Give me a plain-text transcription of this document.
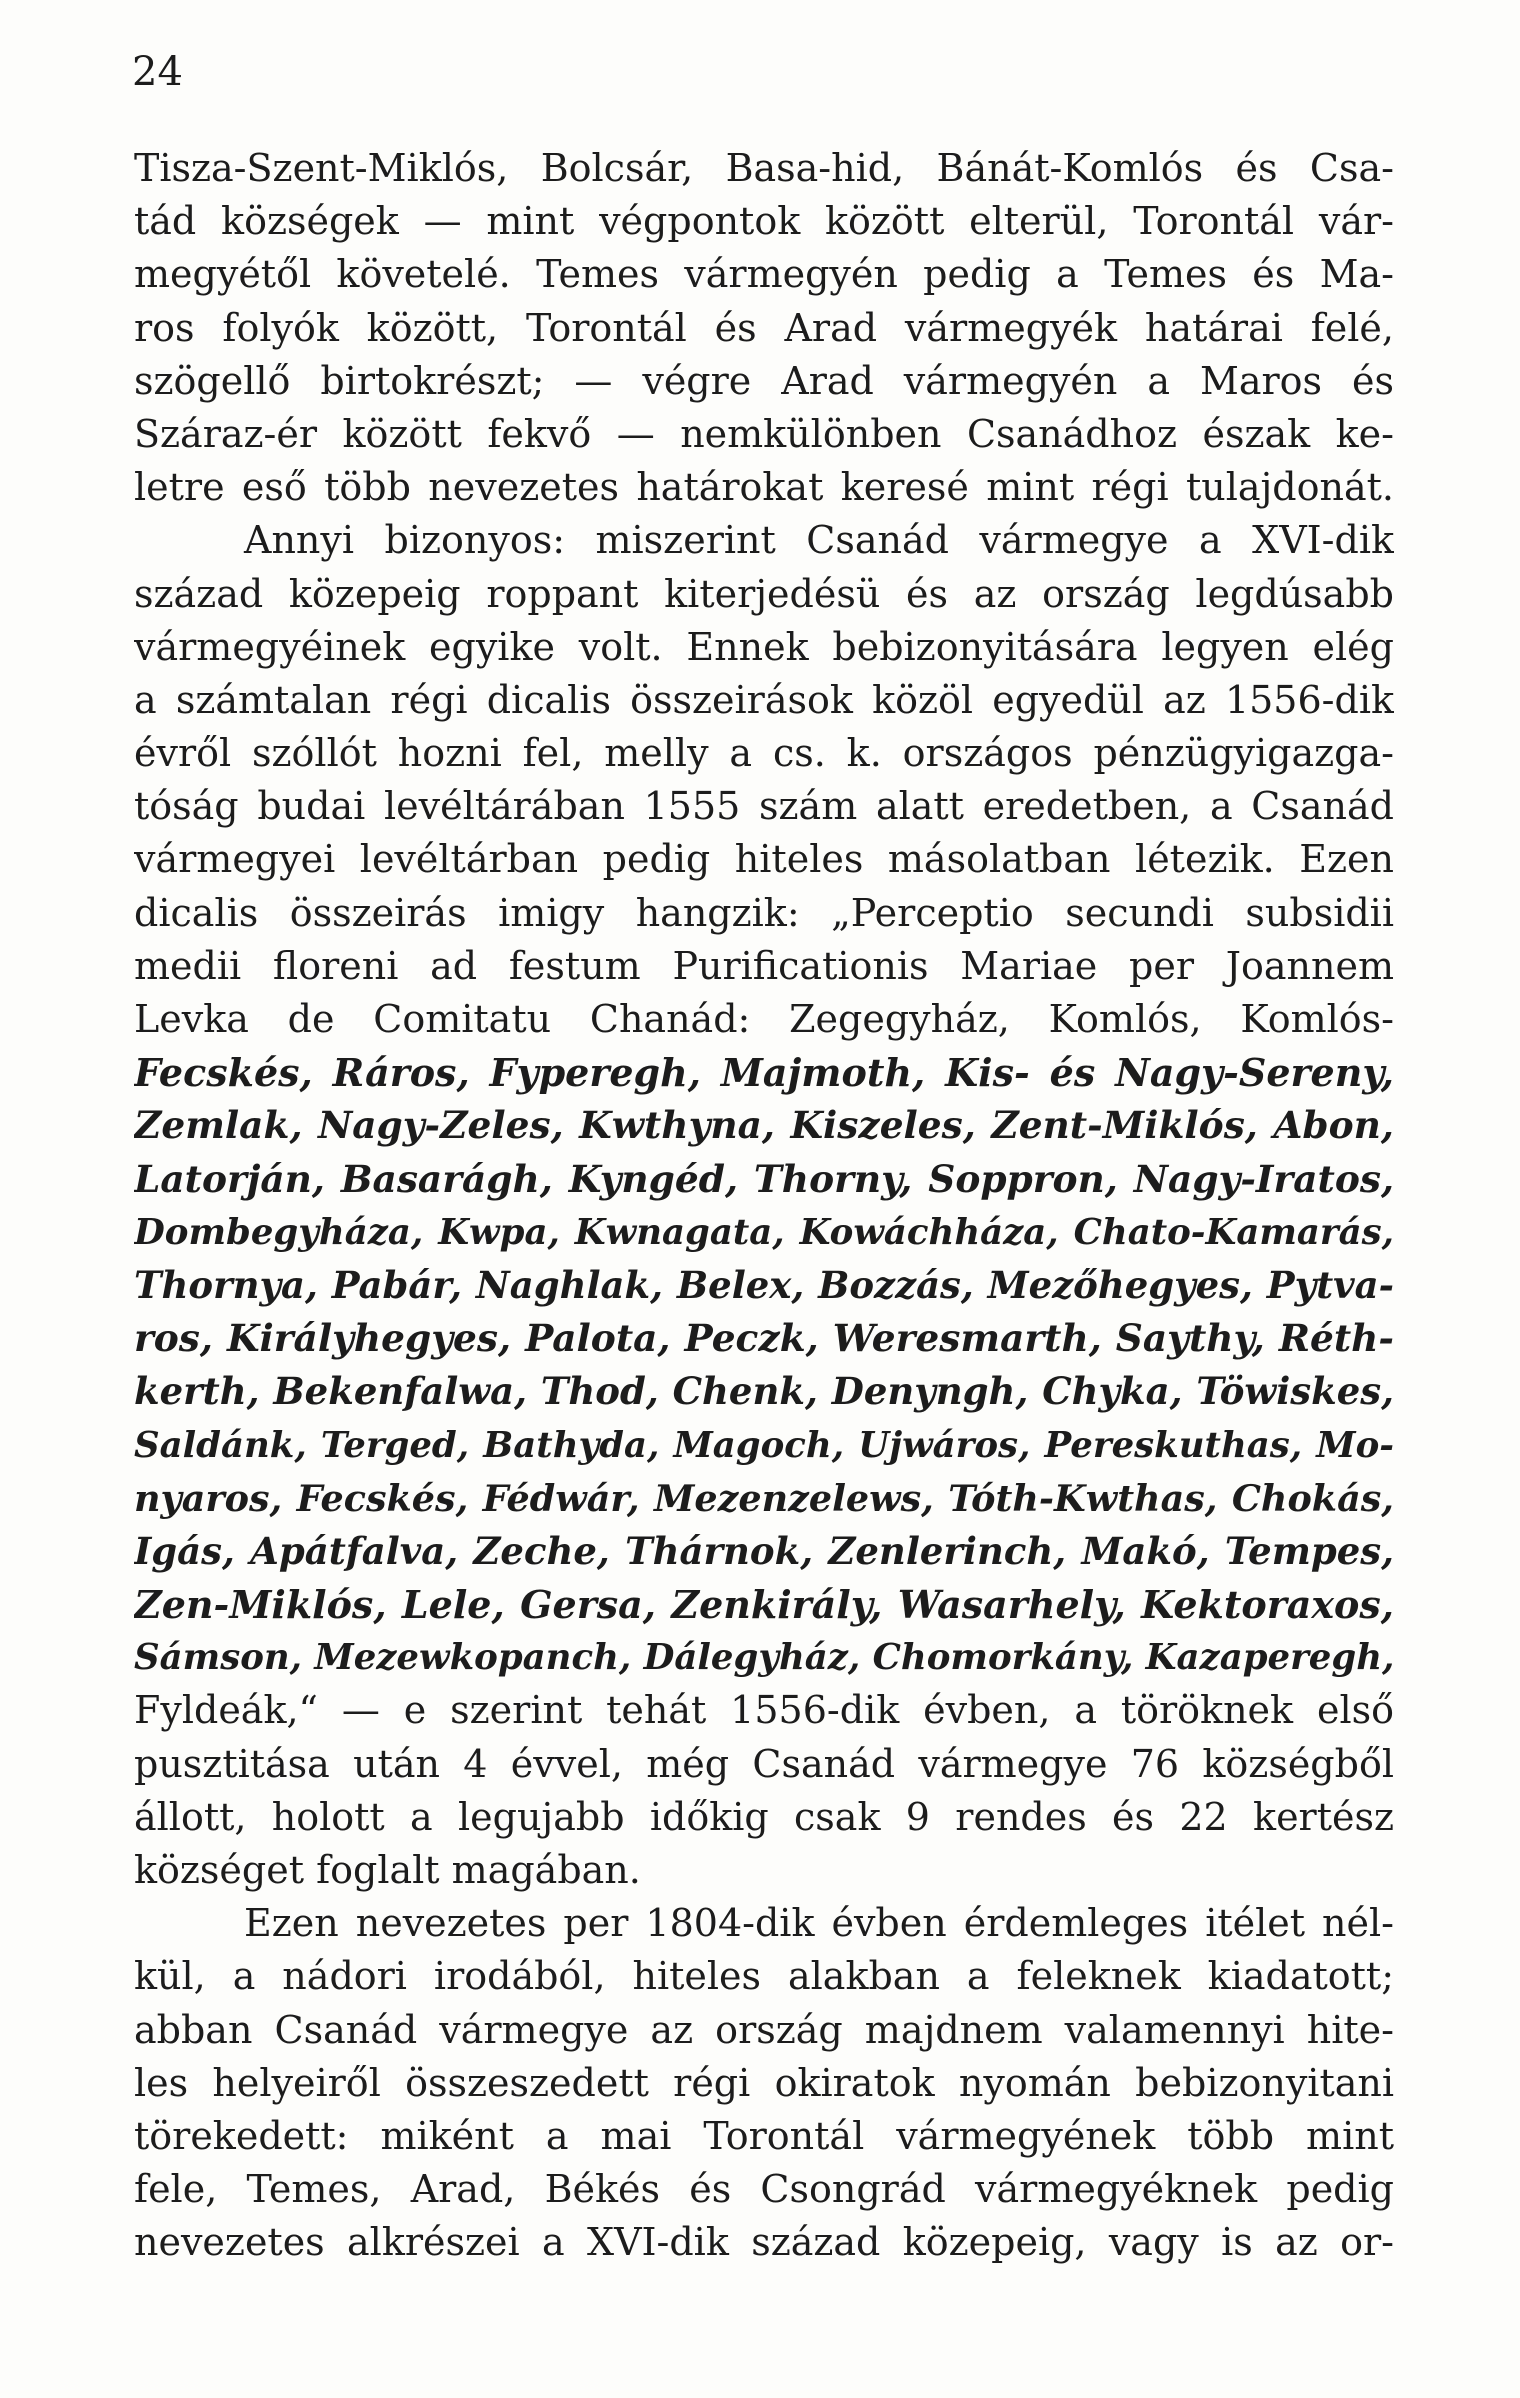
24
Tisza-Szent-Miklós, Bolcsár, Basa-hid, Bánát-Komlós és Csa-
tád községek — mint végpontok között elterül, Torontál vár-
megyétől követelé. Temes vármegyén pedig a Temes és Ma-
ros folyók között, Torontál és Arad vármegyék határai felé,
szögellő birtokrészt; — végre Arad vármegyén a Maros és
Száraz-ér között fekvő — nemkülönben Csanádhoz észak ke-
letre eső több nevezetes határokat keresé mint régi tulajdonát.
Annyi bizonyos: miszerint Csanád vármegye a XVI-dik
század közepeig roppant kiterjedésü és az ország legdúsabb
vármegyéinek egyike volt. Ennek bebizonyitására legyen elég
a számtalan régi dicalis összeirások közöl egyedül az 1556-dik
évről szóllót hozni fel, melly a cs. k. országos pénzügyigazga-
tóság budai levéltárában 1555 szám alatt eredetben, a Csanád
vármegyei levéltárban pedig hiteles másolatban létezik. Ezen
dicalis összeirás imigy hangzik: „Perceptio secundi subsidii
medii floreni ad festum Purificationis Mariae per Joannem
Levka de Comitatu Chanád: Zegegyház, Komlós, Komlós-
Fecskés, Ráros, Fyperegh, Majmoth, Kis- és Nagy-Sereny,
Zemlak, Nagy-Zeles, Kwthyna, Kiszeles, Zent-Miklós, Abon,
Latorján, Basarágh, Kyngéd, Thorny, Soppron, Nagy-Iratos,
Dombegyháza, Kwpa, Kwnagata, Kowáchháza, Chato-Kamarás,
Thornya, Pabár, Naghlak, Belex, Bozzás, Mezőhegyes, Pytva-
ros, Királyhegyes, Palota, Peczk, Weresmarth, Saythy, Réth-
kerth, Bekenfalwa, Thod, Chenk, Denyngh, Chyka, Töwiskes,
Saldánk, Terged, Bathyda, Magoch, Ujwáros, Pereskuthas, Mo-
nyaros, Fecskés, Fédwár, Mezenzelews, Tóth-Kwthas, Chokás,
Igás, Apátfalva, Zeche, Thárnok, Zenlerinch, Makó, Tempes,
Zen-Miklós, Lele, Gersa, Zenkirály, Wasarhely, Kektoraxos,
Sámson, Mezewkopanch, Dálegyház, Chomorkány, Kazaperegh,
Fyldeák,“ — e szerint tehát 1556-dik évben, a töröknek első
pusztitása után 4 évvel, még Csanád vármegye 76 községből
állott, holott a legujabb időkig csak 9 rendes és 22 kertész
községet foglalt magában.
Ezen nevezetes per 1804-dik évben érdemleges itélet nél-
kül, a nádori irodából, hiteles alakban a feleknek kiadatott;
abban Csanád vármegye az ország majdnem valamennyi hite-
les helyeiről összeszedett régi okiratok nyomán bebizonyitani
törekedett: miként a mai Torontál vármegyének több mint
fele, Temes, Arad, Békés és Csongrád vármegyéknek pedig
nevezetes alkrészei a XVI-dik század közepeig, vagy is az or-
